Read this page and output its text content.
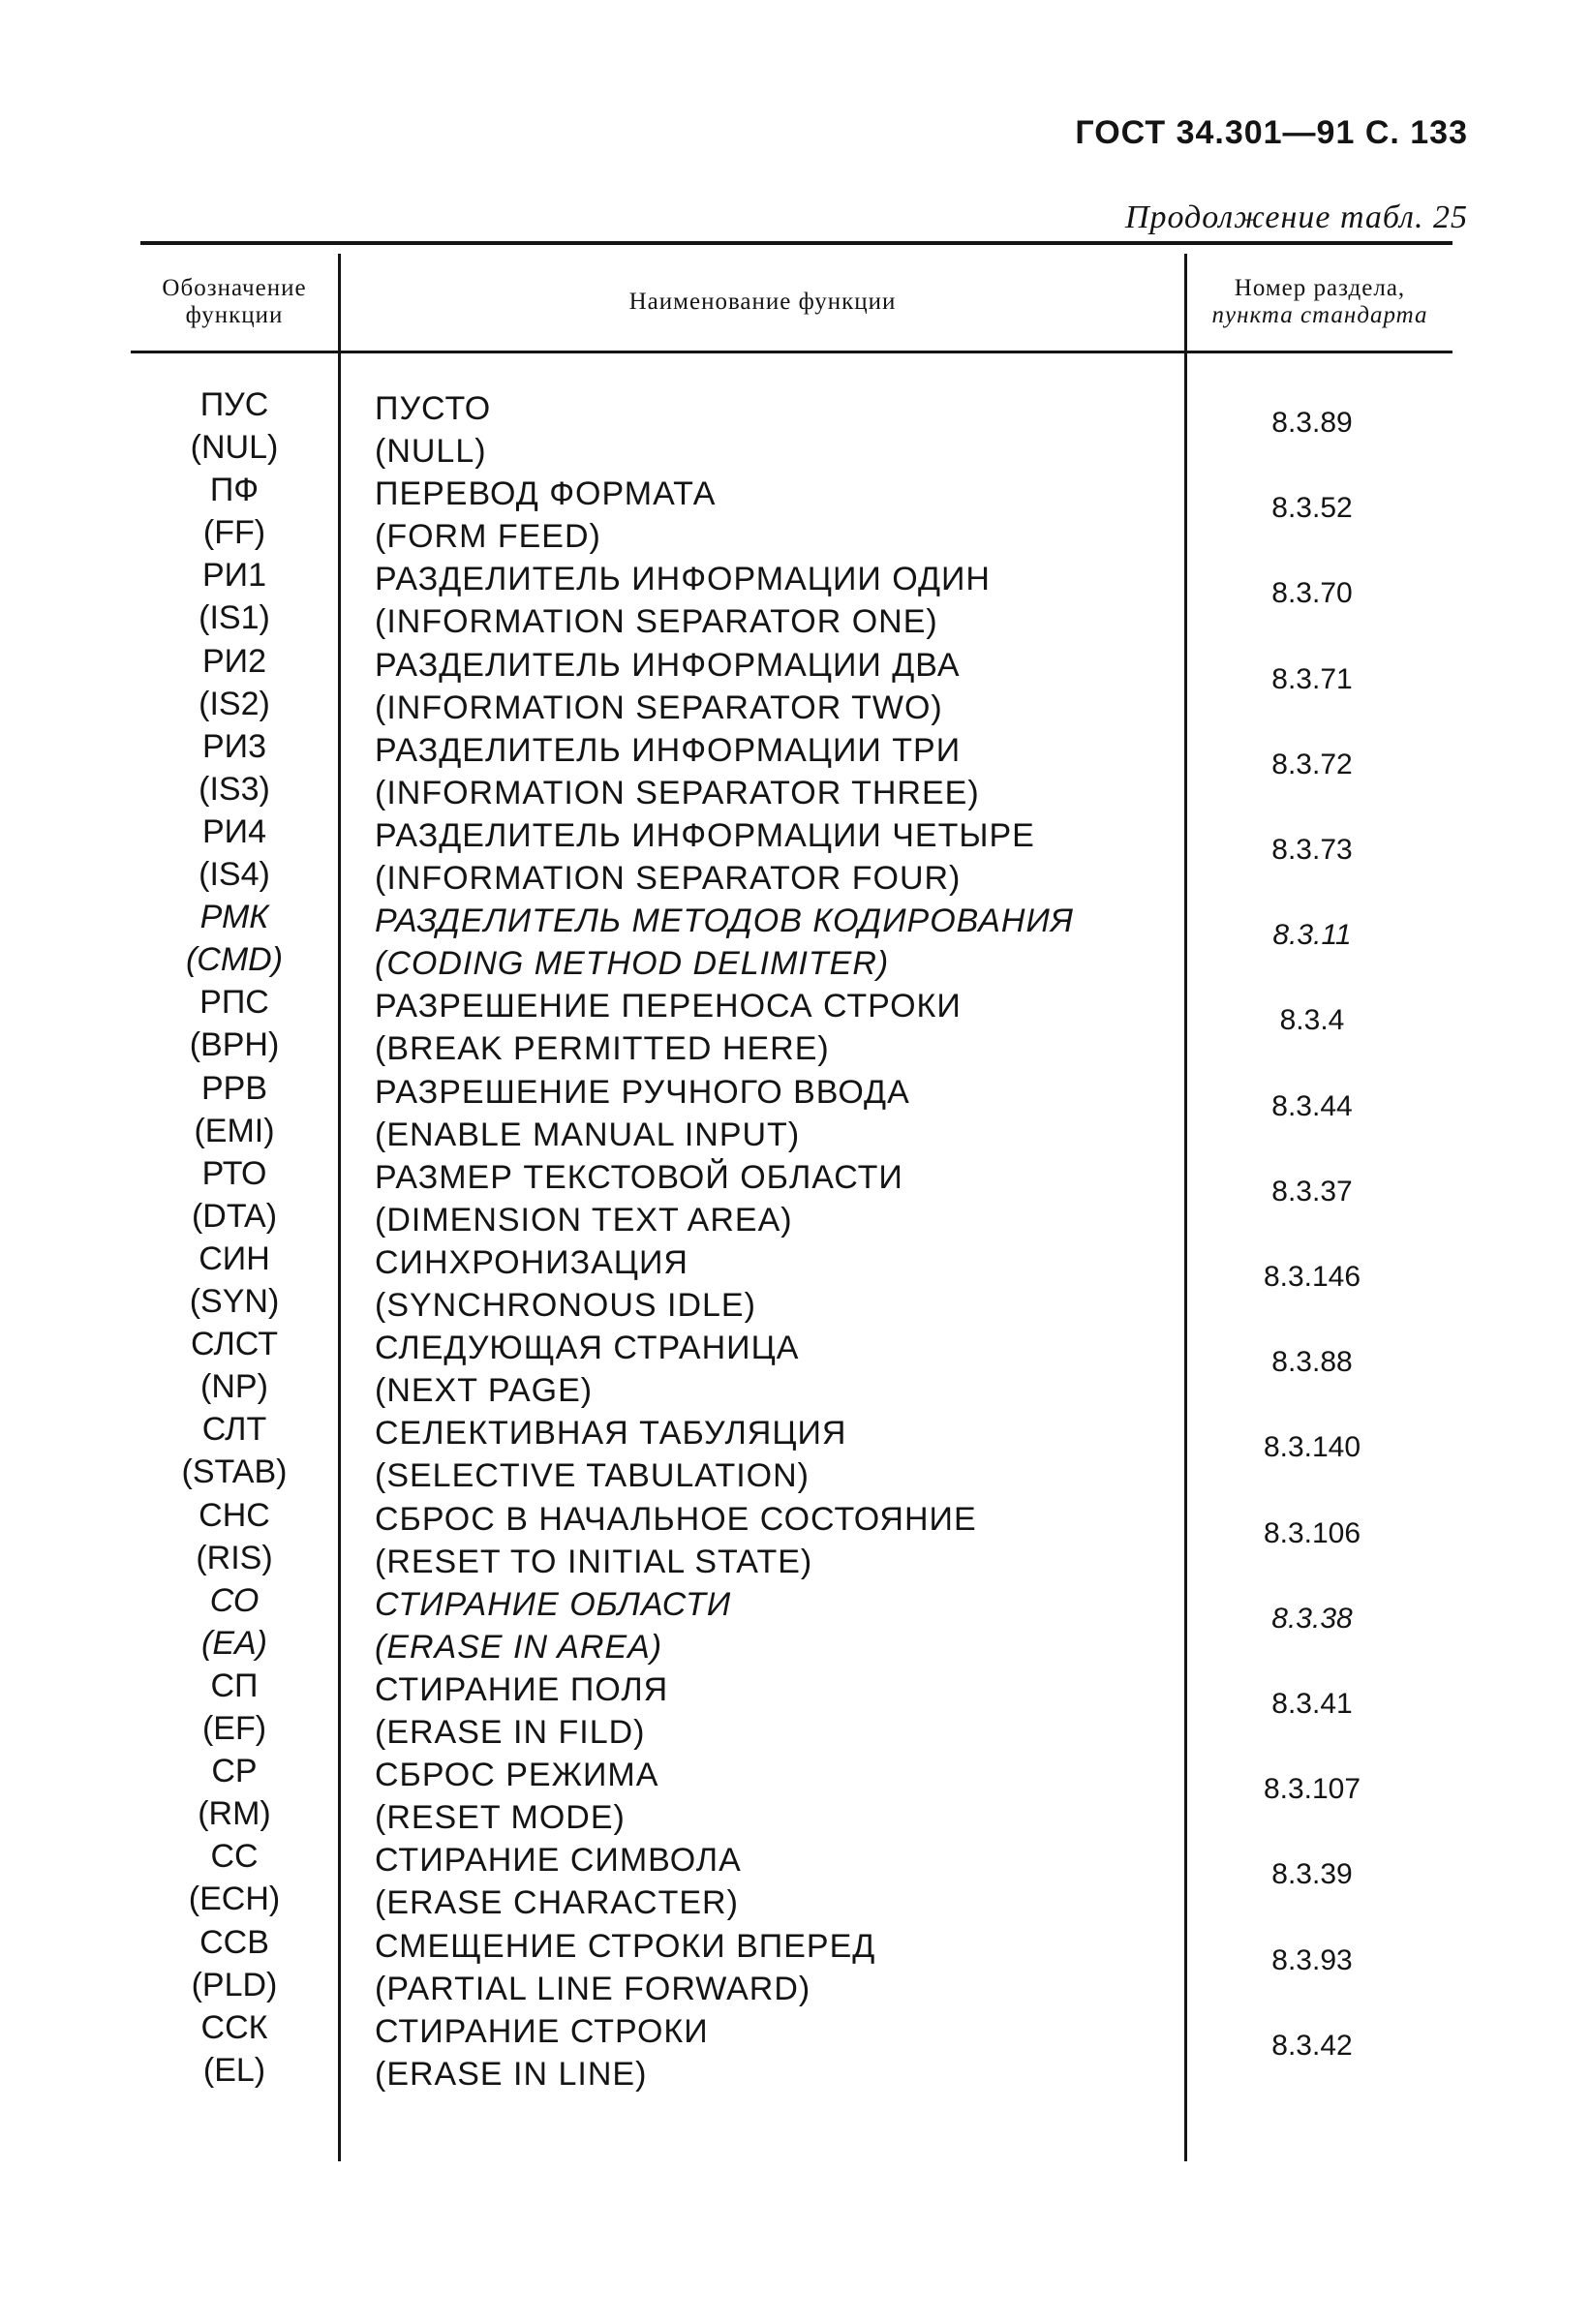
ГОСТ 34.301—91 С. 133
Продолжение табл. 25
Обозначение
функции
Наименование функции
Номер раздела,
пункта стандарта
ПУС
(NUL)
ПУСТО
(NULL)
8.3.89
ПФ
(FF)
ПЕРЕВОД ФОРМАТА
(FORM FEED)
8.3.52
РИ1
(IS1)
РАЗДЕЛИТЕЛЬ ИНФОРМАЦИИ ОДИН
(INFORMATION SEPARATOR ONE)
8.3.70
РИ2
(IS2)
РАЗДЕЛИТЕЛЬ ИНФОРМАЦИИ ДВА
(INFORMATION SEPARATOR TWO)
8.3.71
РИ3
(IS3)
РАЗДЕЛИТЕЛЬ ИНФОРМАЦИИ ТРИ
(INFORMATION SEPARATOR THREE)
8.3.72
РИ4
(IS4)
РАЗДЕЛИТЕЛЬ ИНФОРМАЦИИ ЧЕТЫРЕ
(INFORMATION SEPARATOR FOUR)
8.3.73
РМК
(CMD)
РАЗДЕЛИТЕЛЬ МЕТОДОВ КОДИРОВАНИЯ
(CODING METHOD DELIMITER)
8.3.11
РПС
(BPH)
РАЗРЕШЕНИЕ ПЕРЕНОСА СТРОКИ
(BREAK PERMITTED HERE)
8.3.4
РРВ
(EMI)
РАЗРЕШЕНИЕ РУЧНОГО ВВОДА
(ENABLE MANUAL INPUT)
8.3.44
РТО
(DTA)
РАЗМЕР ТЕКСТОВОЙ ОБЛАСТИ
(DIMENSION TEXT AREA)
8.3.37
СИН
(SYN)
СИНХРОНИЗАЦИЯ
(SYNCHRONOUS IDLE)
8.3.146
СЛСТ
(NP)
СЛЕДУЮЩАЯ СТРАНИЦА
(NEXT PAGE)
8.3.88
СЛТ
(STAB)
СЕЛЕКТИВНАЯ ТАБУЛЯЦИЯ
(SELECTIVE TABULATION)
8.3.140
СНС
(RIS)
СБРОС В НАЧАЛЬНОЕ СОСТОЯНИЕ
(RESET TO INITIAL STATE)
8.3.106
СО
(EA)
СТИРАНИЕ ОБЛАСТИ
(ERASE IN AREA)
8.3.38
СП
(EF)
СТИРАНИЕ ПОЛЯ
(ERASE IN FILD)
8.3.41
СР
(RM)
СБРОС РЕЖИМА
(RESET MODE)
8.3.107
СС
(ECH)
СТИРАНИЕ СИМВОЛА
(ERASE CHARACTER)
8.3.39
ССВ
(PLD)
СМЕЩЕНИЕ СТРОКИ ВПЕРЕД
(PARTIAL LINE FORWARD)
8.3.93
ССК
(EL)
СТИРАНИЕ СТРОКИ
(ERASE IN LINE)
8.3.42
